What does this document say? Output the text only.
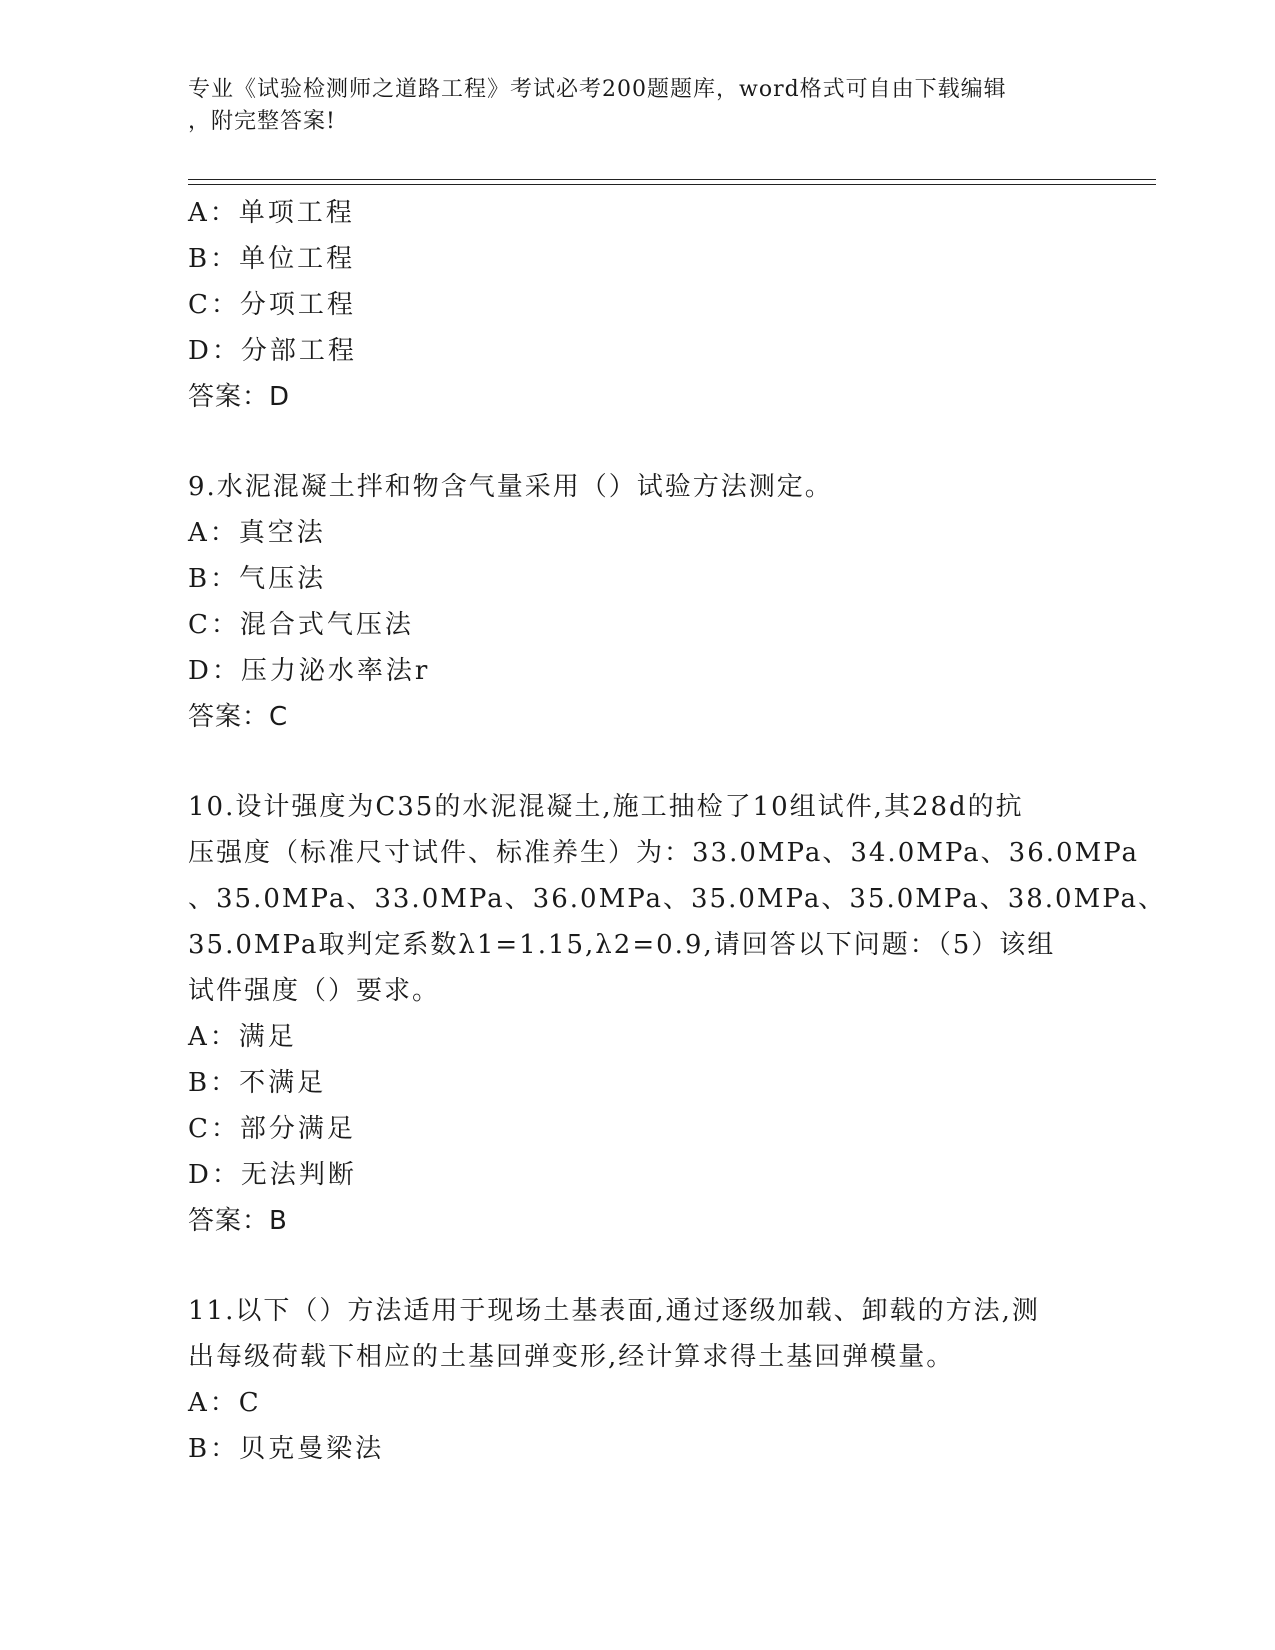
专业《试验检测师之道路工程》考试必考200题题库，word格式可自由下载编辑
，附完整答案!
A：单项工程
B：单位工程
C：分项工程
D：分部工程
答案：D
9.水泥混凝土拌和物含气量采用（）试验方法测定。
A：真空法
B：气压法
C：混合式气压法
D：压力泌水率法r
答案：C
10.设计强度为C35的水泥混凝土,施工抽检了10组试件,其28d的抗
压强度（标准尺寸试件、标准养生）为：33.0MPa、34.0MPa、36.0MPa
、35.0MPa、33.0MPa、36.0MPa、35.0MPa、35.0MPa、38.0MPa、
35.0MPa取判定系数λ1=1.15,λ2=0.9,请回答以下问题：（5）该组
试件强度（）要求。
A：满足
B：不满足
C：部分满足
D：无法判断
答案：B
11.以下（）方法适用于现场土基表面,通过逐级加载、卸载的方法,测
出每级荷载下相应的土基回弹变形,经计算求得土基回弹模量。
A：C
B：贝克曼梁法
